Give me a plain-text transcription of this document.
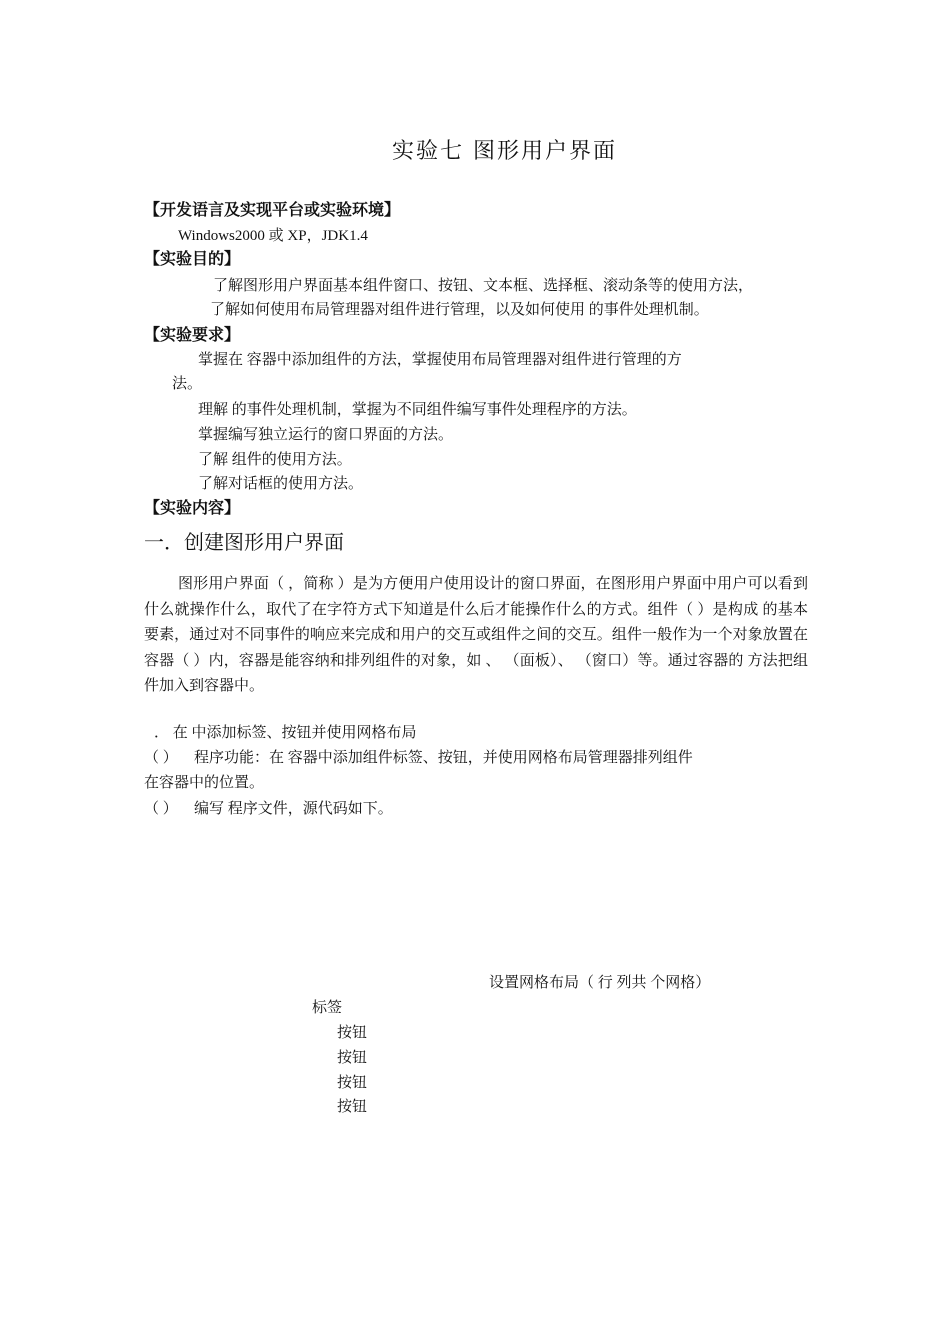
实验七 图形用户界面
【开发语言及实现平台或实验环境】
Windows2000 或 XP，JDK1.4
【实验目的】
了解图形用户界面基本组件窗口、按钮、文本框、选择框、滚动条等的使用方法，
了解如何使用布局管理器对组件进行管理，以及如何使用 的事件处理机制。
【实验要求】
掌握在 容器中添加组件的方法，掌握使用布局管理器对组件进行管理的方
法。
理解 的事件处理机制，掌握为不同组件编写事件处理程序的方法。
掌握编写独立运行的窗口界面的方法。
了解 组件的使用方法。
了解对话框的使用方法。
【实验内容】
一．创建图形用户界面
图形用户界面（ ，简称 ）是为方便用户使用设计的窗口界面，在图形用户界面中用户可以看到什么就操作什么，取代了在字符方式下知道是什么后才能操作什么的方式。组件（ ）是构成 的基本要素，通过对不同事件的响应来完成和用户的交互或组件之间的交互。组件一般作为一个对象放置在容器（ ）内，容器是能容纳和排列组件的对象，如 、 （面板）、 （窗口）等。通过容器的 方法把组件加入到容器中。
． 在 中添加标签、按钮并使用网格布局
（ ） 程序功能：在 容器中添加组件标签、按钮，并使用网格布局管理器排列组件
在容器中的位置。
（ ） 编写 程序文件，源代码如下。
设置网格布局（ 行 列共 个网格）
标签
按钮
按钮
按钮
按钮
